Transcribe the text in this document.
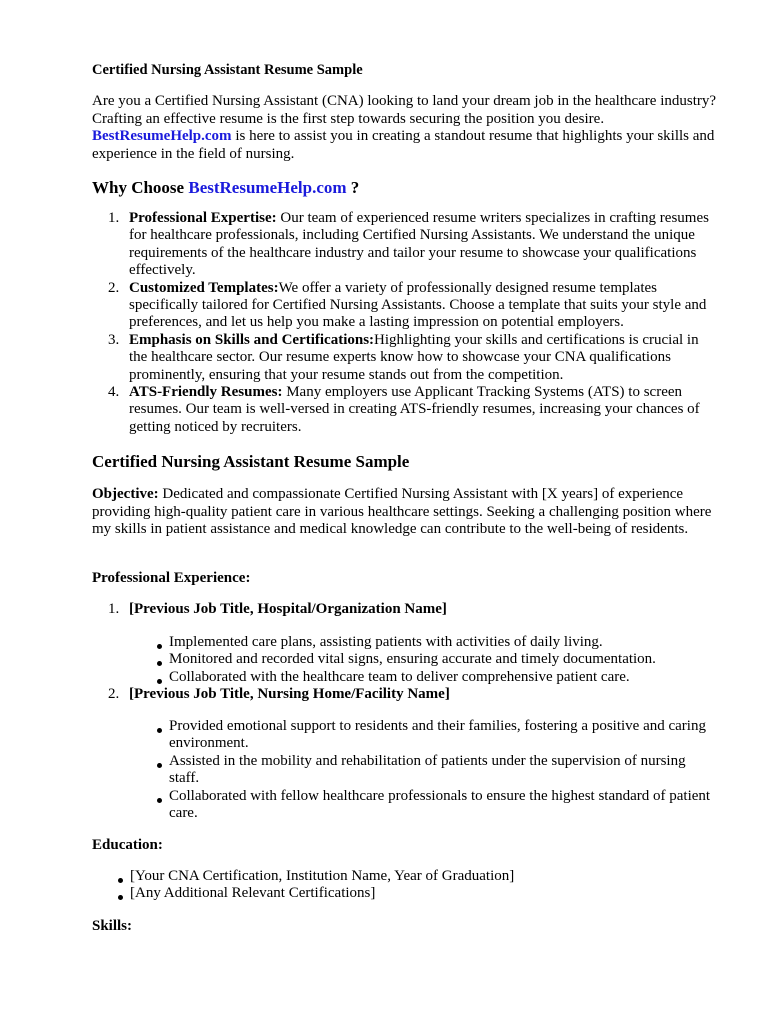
Certified Nursing Assistant Resume Sample

Are you a Certified Nursing Assistant (CNA) looking to land your dream job in the healthcare industry? Crafting an effective resume is the first step towards securing the position you desire. BestResumeHelp.com is here to assist you in creating a standout resume that highlights your skills and experience in the field of nursing.

Why Choose BestResumeHelp.com ?
1. Professional Expertise: Our team of experienced resume writers specializes in crafting resumes for healthcare professionals, including Certified Nursing Assistants. We understand the unique requirements of the healthcare industry and tailor your resume to showcase your qualifications effectively.
2. Customized Templates:We offer a variety of professionally designed resume templates specifically tailored for Certified Nursing Assistants. Choose a template that suits your style and preferences, and let us help you make a lasting impression on potential employers.
3. Emphasis on Skills and Certifications:Highlighting your skills and certifications is crucial in the healthcare sector. Our resume experts know how to showcase your CNA qualifications prominently, ensuring that your resume stands out from the competition.
4. ATS-Friendly Resumes: Many employers use Applicant Tracking Systems (ATS) to screen resumes. Our team is well-versed in creating ATS-friendly resumes, increasing your chances of getting noticed by recruiters.
Certified Nursing Assistant Resume Sample

Objective: Dedicated and compassionate Certified Nursing Assistant with [X years] of experience providing high-quality patient care in various healthcare settings. Seeking a challenging position where my skills in patient assistance and medical knowledge can contribute to the well-being of residents.

Professional Experience:

1. [Previous Job Title, Hospital/Organization Name]
Implemented care plans, assisting patients with activities of daily living.
Monitored and recorded vital signs, ensuring accurate and timely documentation.
Collaborated with the healthcare team to deliver comprehensive patient care.
2. [Previous Job Title, Nursing Home/Facility Name]
Provided emotional support to residents and their families, fostering a positive and caring environment.
Assisted in the mobility and rehabilitation of patients under the supervision of nursing staff.
Collaborated with fellow healthcare professionals to ensure the highest standard of patient care.

Education:

[Your CNA Certification, Institution Name, Year of Graduation]
[Any Additional Relevant Certifications]

Skills:
